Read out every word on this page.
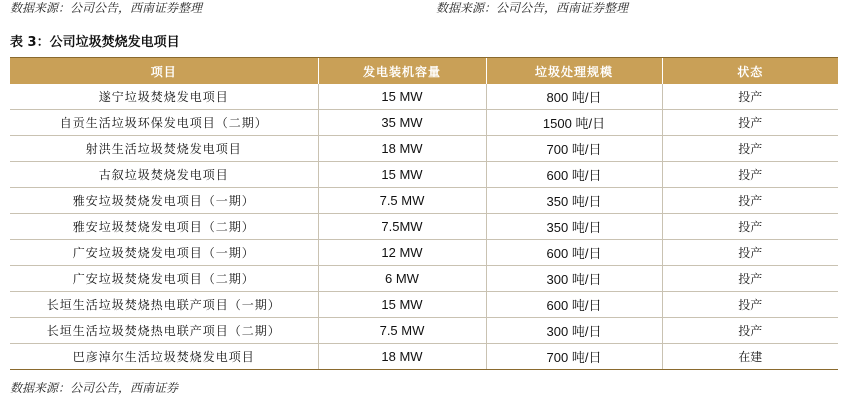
数据来源：公司公告，西南证券整理	数据来源：公司公告，西南证券整理
表 3：公司垃圾焚烧发电项目
项目	发电装机容量	垃圾处理规模	状态
遂宁垃圾焚烧发电项目	15 MW	800 吨/日	投产
自贡生活垃圾环保发电项目（二期）	35 MW	1500 吨/日	投产
射洪生活垃圾焚烧发电项目	18 MW	700 吨/日	投产
古叙垃圾焚烧发电项目	15 MW	600 吨/日	投产
雅安垃圾焚烧发电项目（一期）	7.5 MW	350 吨/日	投产
雅安垃圾焚烧发电项目（二期）	7.5MW	350 吨/日	投产
广安垃圾焚烧发电项目（一期）	12 MW	600 吨/日	投产
广安垃圾焚烧发电项目（二期）	6 MW	300 吨/日	投产
长垣生活垃圾焚烧热电联产项目（一期）	15 MW	600 吨/日	投产
长垣生活垃圾焚烧热电联产项目（二期）	7.5 MW	300 吨/日	投产
巴彦淖尔生活垃圾焚烧发电项目	18 MW	700 吨/日	在建
数据来源：公司公告，西南证券
